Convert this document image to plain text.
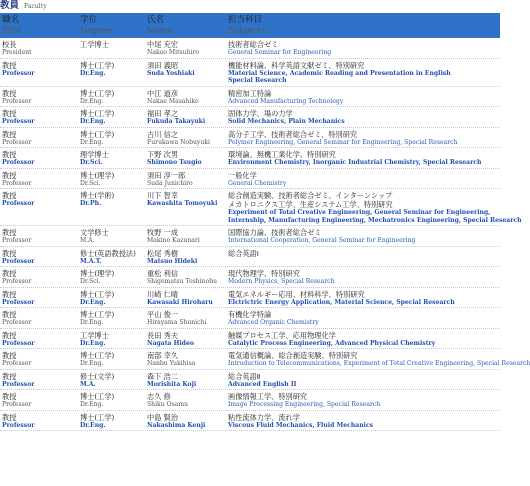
教員 Faculty
職名
Title
学位
Degree
氏名
Name
担当科目
Subjects
校長
President
工学博士	中尾 充宏
Nakao Mitsuhiro
技術者総合ゼミ
General Seminar for Engineering
教授
Professor
博士(工学)
Dr.Eng.
須田 義昭
Suda Yoshiaki
機能材料論、科学英語文献ゼミ、特別研究
Material Science, Academic Reading and Presentation in English
Special Research
教授
Professor
博士(工学)
Dr.Eng.
中江 道彦
Nakae Masahiko
精密加工特論
Advanced Manufacturing Technology
教授
Professor
博士(工学)
Dr.Eng.
福田 孝之
Fukuda Takayuki
固体力学、場の力学
Solid Mechanics, Plain Mechanics
教授
Professor
博士(工学)
Dr.Eng.
古川 信之
Furukawa Nobuyuki
高分子工学、技術者総合ゼミ、特別研究
Polymer Engineering, General Seminar for Engineering, Special Research
教授
Professor
理学博士
Dr.Sci.
下野 次男
Shimono Tsugio
環境論、無機工業化学、特別研究
Environment Chemistry, Inorganic Industrial Chemistry, Special Research
教授
Professor
博士(理学)
Dr.Sci.
須田 淳一郎
Suda Junichiro
一般化学
General Chemistry
教授
Professor
博士(学術)
Dr.Ph.
川下 智幸
Kawashita Tomoyuki
総合創造実験、技術者総合ゼミ、インターンシップ
メカトロニクス工学、生産システム工学、特別研究
Experiment of Total Creative Engineering, General Seminar for Engineering,
Internship, Manufacturing Engineering, Mechatronics Engineering, Special Research
教授
Professor
文学修士
M.A.
牧野 一成
Makino Kazunari
国際協力論、技術者総合ゼミ
International Cooperation, General Seminar for Engineering
教授
Professor
修士(英語教授法)
M.A.T.
松尾 秀樹
Matsuo Hideki
総合英語Ⅰ
教授
Professor
博士(理学)
Dr.Sci.
重松 利信
Shigematsu Toshinobu
現代物理学、特別研究
Modern Physics, Special Research
教授
Professor
博士(工学)
Dr.Eng.
川崎 仁晴
Kawasaki Hiroharu
電気エネルギー応用、材料科学、特別研究
Elctrictric Energy Application, Material Science, Special Research
教授
Professor
博士(工学)
Dr.Eng.
平山 俊一
Hirayama Shunichi
有機化学特論
Advanced Organic Chemistry
教授
Professor
工学博士
Dr.Eng.
長田 秀夫
Nagata Hideo
触媒プロセス工学、応用物理化学
Catalytic Process Engineering, Advanced Physical Chemistry
教授
Professor
博士(工学)
Dr.Eng.
南部 幸久
Nanbu Yukihisa
電気通信概論、総合創造実験、特別研究
Introduction to Telecommunications, Experiment of Total Creative Engineering, Special Research
教授
Professor
修士(文学)
M.A.
森下 浩二
Morishita Koji
総合英語Ⅱ
Advanced English II
教授
Professor
博士(工学)
Dr.Eng.
志久 修
Shiku Osamu
画像情報工学、特別研究
Image Processing Engineering, Special Research
教授
Professor
博士(工学)
Dr.Eng.
中島 賢治
Nakashima Kenji
粘性流体力学、流れ学
Viscous Fluid Mechanics, Fluid Mechanics
